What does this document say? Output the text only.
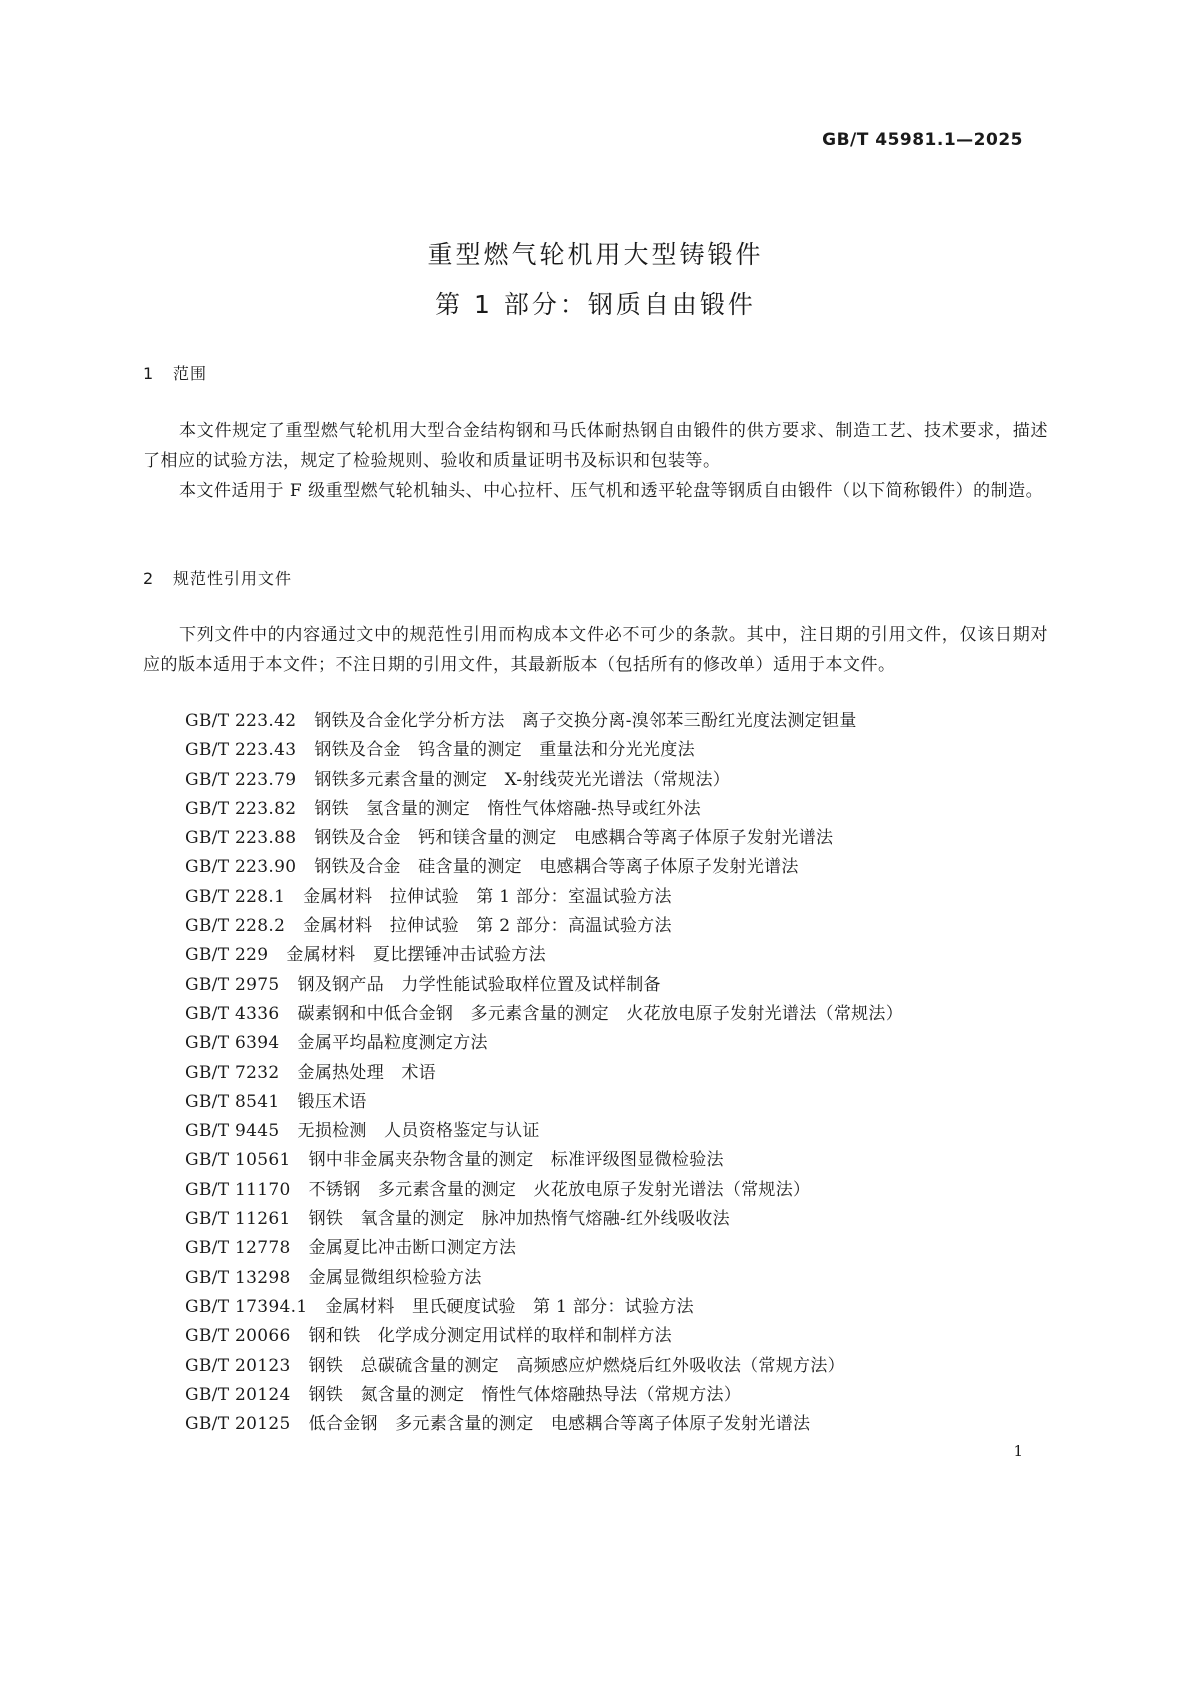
GB/T 45981.1—2025
重型燃气轮机用大型铸锻件
第 1 部分：钢质自由锻件
1 范围
本文件规定了重型燃气轮机用大型合金结构钢和马氏体耐热钢自由锻件的供方要求、制造工艺、技术要求，描述了相应的试验方法，规定了检验规则、验收和质量证明书及标识和包装等。
本文件适用于 F 级重型燃气轮机轴头、中心拉杆、压气机和透平轮盘等钢质自由锻件（以下简称锻件）的制造。
2 规范性引用文件
下列文件中的内容通过文中的规范性引用而构成本文件必不可少的条款。其中，注日期的引用文件，仅该日期对应的版本适用于本文件；不注日期的引用文件，其最新版本（包括所有的修改单）适用于本文件。
GB/T 223.42 钢铁及合金化学分析方法　离子交换分离-溴邻苯三酚红光度法测定钽量
GB/T 223.43 钢铁及合金　钨含量的测定　重量法和分光光度法
GB/T 223.79 钢铁多元素含量的测定　X-射线荧光光谱法（常规法）
GB/T 223.82 钢铁　氢含量的测定　惰性气体熔融-热导或红外法
GB/T 223.88 钢铁及合金　钙和镁含量的测定　电感耦合等离子体原子发射光谱法
GB/T 223.90 钢铁及合金　硅含量的测定　电感耦合等离子体原子发射光谱法
GB/T 228.1 金属材料　拉伸试验　第 1 部分：室温试验方法
GB/T 228.2 金属材料　拉伸试验　第 2 部分：高温试验方法
GB/T 229 金属材料　夏比摆锤冲击试验方法
GB/T 2975 钢及钢产品　力学性能试验取样位置及试样制备
GB/T 4336 碳素钢和中低合金钢　多元素含量的测定　火花放电原子发射光谱法（常规法）
GB/T 6394 金属平均晶粒度测定方法
GB/T 7232 金属热处理　术语
GB/T 8541 锻压术语
GB/T 9445 无损检测　人员资格鉴定与认证
GB/T 10561 钢中非金属夹杂物含量的测定　标准评级图显微检验法
GB/T 11170 不锈钢　多元素含量的测定　火花放电原子发射光谱法（常规法）
GB/T 11261 钢铁　氧含量的测定　脉冲加热惰气熔融-红外线吸收法
GB/T 12778 金属夏比冲击断口测定方法
GB/T 13298 金属显微组织检验方法
GB/T 17394.1 金属材料　里氏硬度试验　第 1 部分：试验方法
GB/T 20066 钢和铁　化学成分测定用试样的取样和制样方法
GB/T 20123 钢铁　总碳硫含量的测定　高频感应炉燃烧后红外吸收法（常规方法）
GB/T 20124 钢铁　氮含量的测定　惰性气体熔融热导法（常规方法）
GB/T 20125 低合金钢　多元素含量的测定　电感耦合等离子体原子发射光谱法
1
